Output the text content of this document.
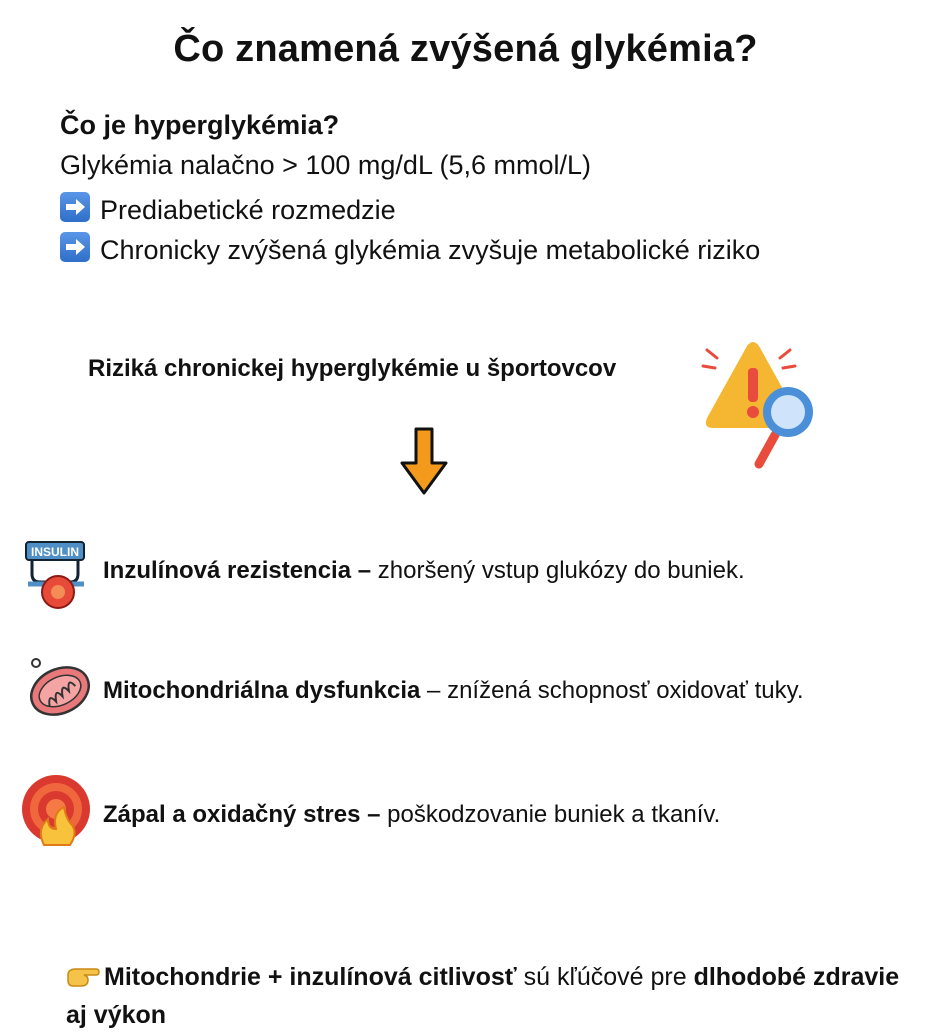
Čo znamená zvýšená glykémia?
Čo je hyperglykémia?
Glykémia nalačno > 100 mg/dL (5,6 mmol/L)
Prediabetické rozmedzie
Chronicky zvýšená glykémia zvyšuje metabolické riziko
Riziká chronickej hyperglykémie u športovcov
INSULIN
Inzulínová rezistencia – zhoršený vstup glukózy do buniek.
Mitochondriálna dysfunkcia – znížená schopnosť oxidovať tuky.
Zápal a oxidačný stres – poškodzovanie buniek a tkanív.
Mitochondrie + inzulínová citlivosť sú kľúčové pre dlhodobé zdravie aj výkon
